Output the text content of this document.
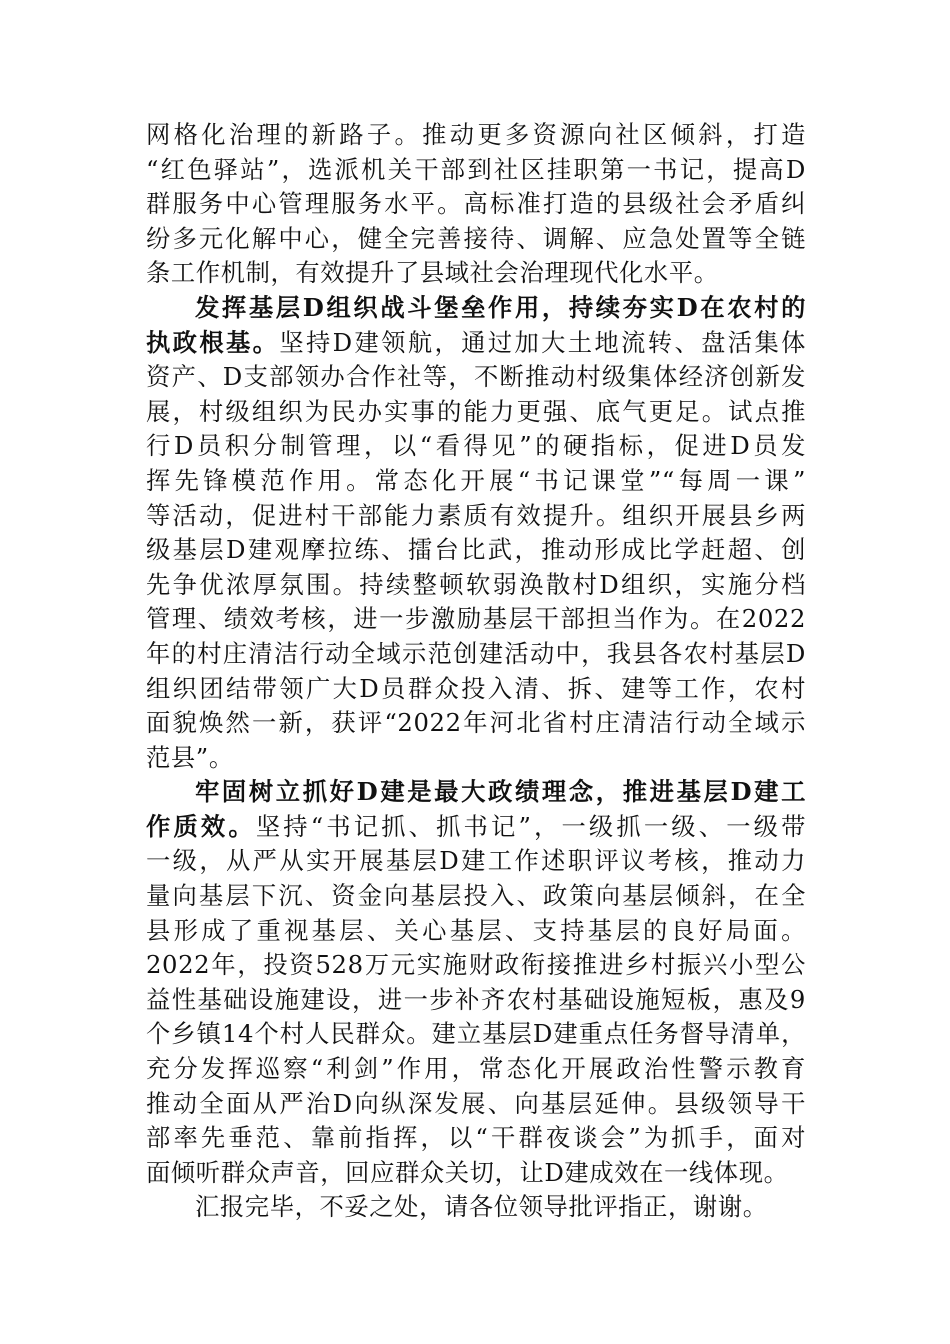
网格化治理的新路子。推动更多资源向社区倾斜，打造
“红色驿站”，选派机关干部到社区挂职第一书记，提高D
群服务中心管理服务水平。高标准打造的县级社会矛盾纠
纷多元化解中心，健全完善接待、调解、应急处置等全链
条工作机制，有效提升了县域社会治理现代化水平。
发挥基层D组织战斗堡垒作用，持续夯实D在农村的
执政根基。坚持D建领航，通过加大土地流转、盘活集体
资产、D支部领办合作社等，不断推动村级集体经济创新发
展，村级组织为民办实事的能力更强、底气更足。试点推
行D员积分制管理，以“看得见”的硬指标，促进D员发
挥先锋模范作用。常态化开展“书记课堂”“每周一课”
等活动，促进村干部能力素质有效提升。组织开展县乡两
级基层D建观摩拉练、擂台比武，推动形成比学赶超、创
先争优浓厚氛围。持续整顿软弱涣散村D组织，实施分档
管理、绩效考核，进一步激励基层干部担当作为。在2022
年的村庄清洁行动全域示范创建活动中，我县各农村基层D
组织团结带领广大D员群众投入清、拆、建等工作，农村
面貌焕然一新，获评“2022年河北省村庄清洁行动全域示
范县”。
牢固树立抓好D建是最大政绩理念，推进基层D建工
作质效。坚持“书记抓、抓书记”，一级抓一级、一级带
一级，从严从实开展基层D建工作述职评议考核，推动力
量向基层下沉、资金向基层投入、政策向基层倾斜，在全
县形成了重视基层、关心基层、支持基层的良好局面。
2022年，投资528万元实施财政衔接推进乡村振兴小型公
益性基础设施建设，进一步补齐农村基础设施短板，惠及9
个乡镇14个村人民群众。建立基层D建重点任务督导清单，
充分发挥巡察“利剑”作用，常态化开展政治性警示教育
推动全面从严治D向纵深发展、向基层延伸。县级领导干
部率先垂范、靠前指挥，以“干群夜谈会”为抓手，面对
面倾听群众声音，回应群众关切，让D建成效在一线体现。
汇报完毕，不妥之处，请各位领导批评指正，谢谢。
